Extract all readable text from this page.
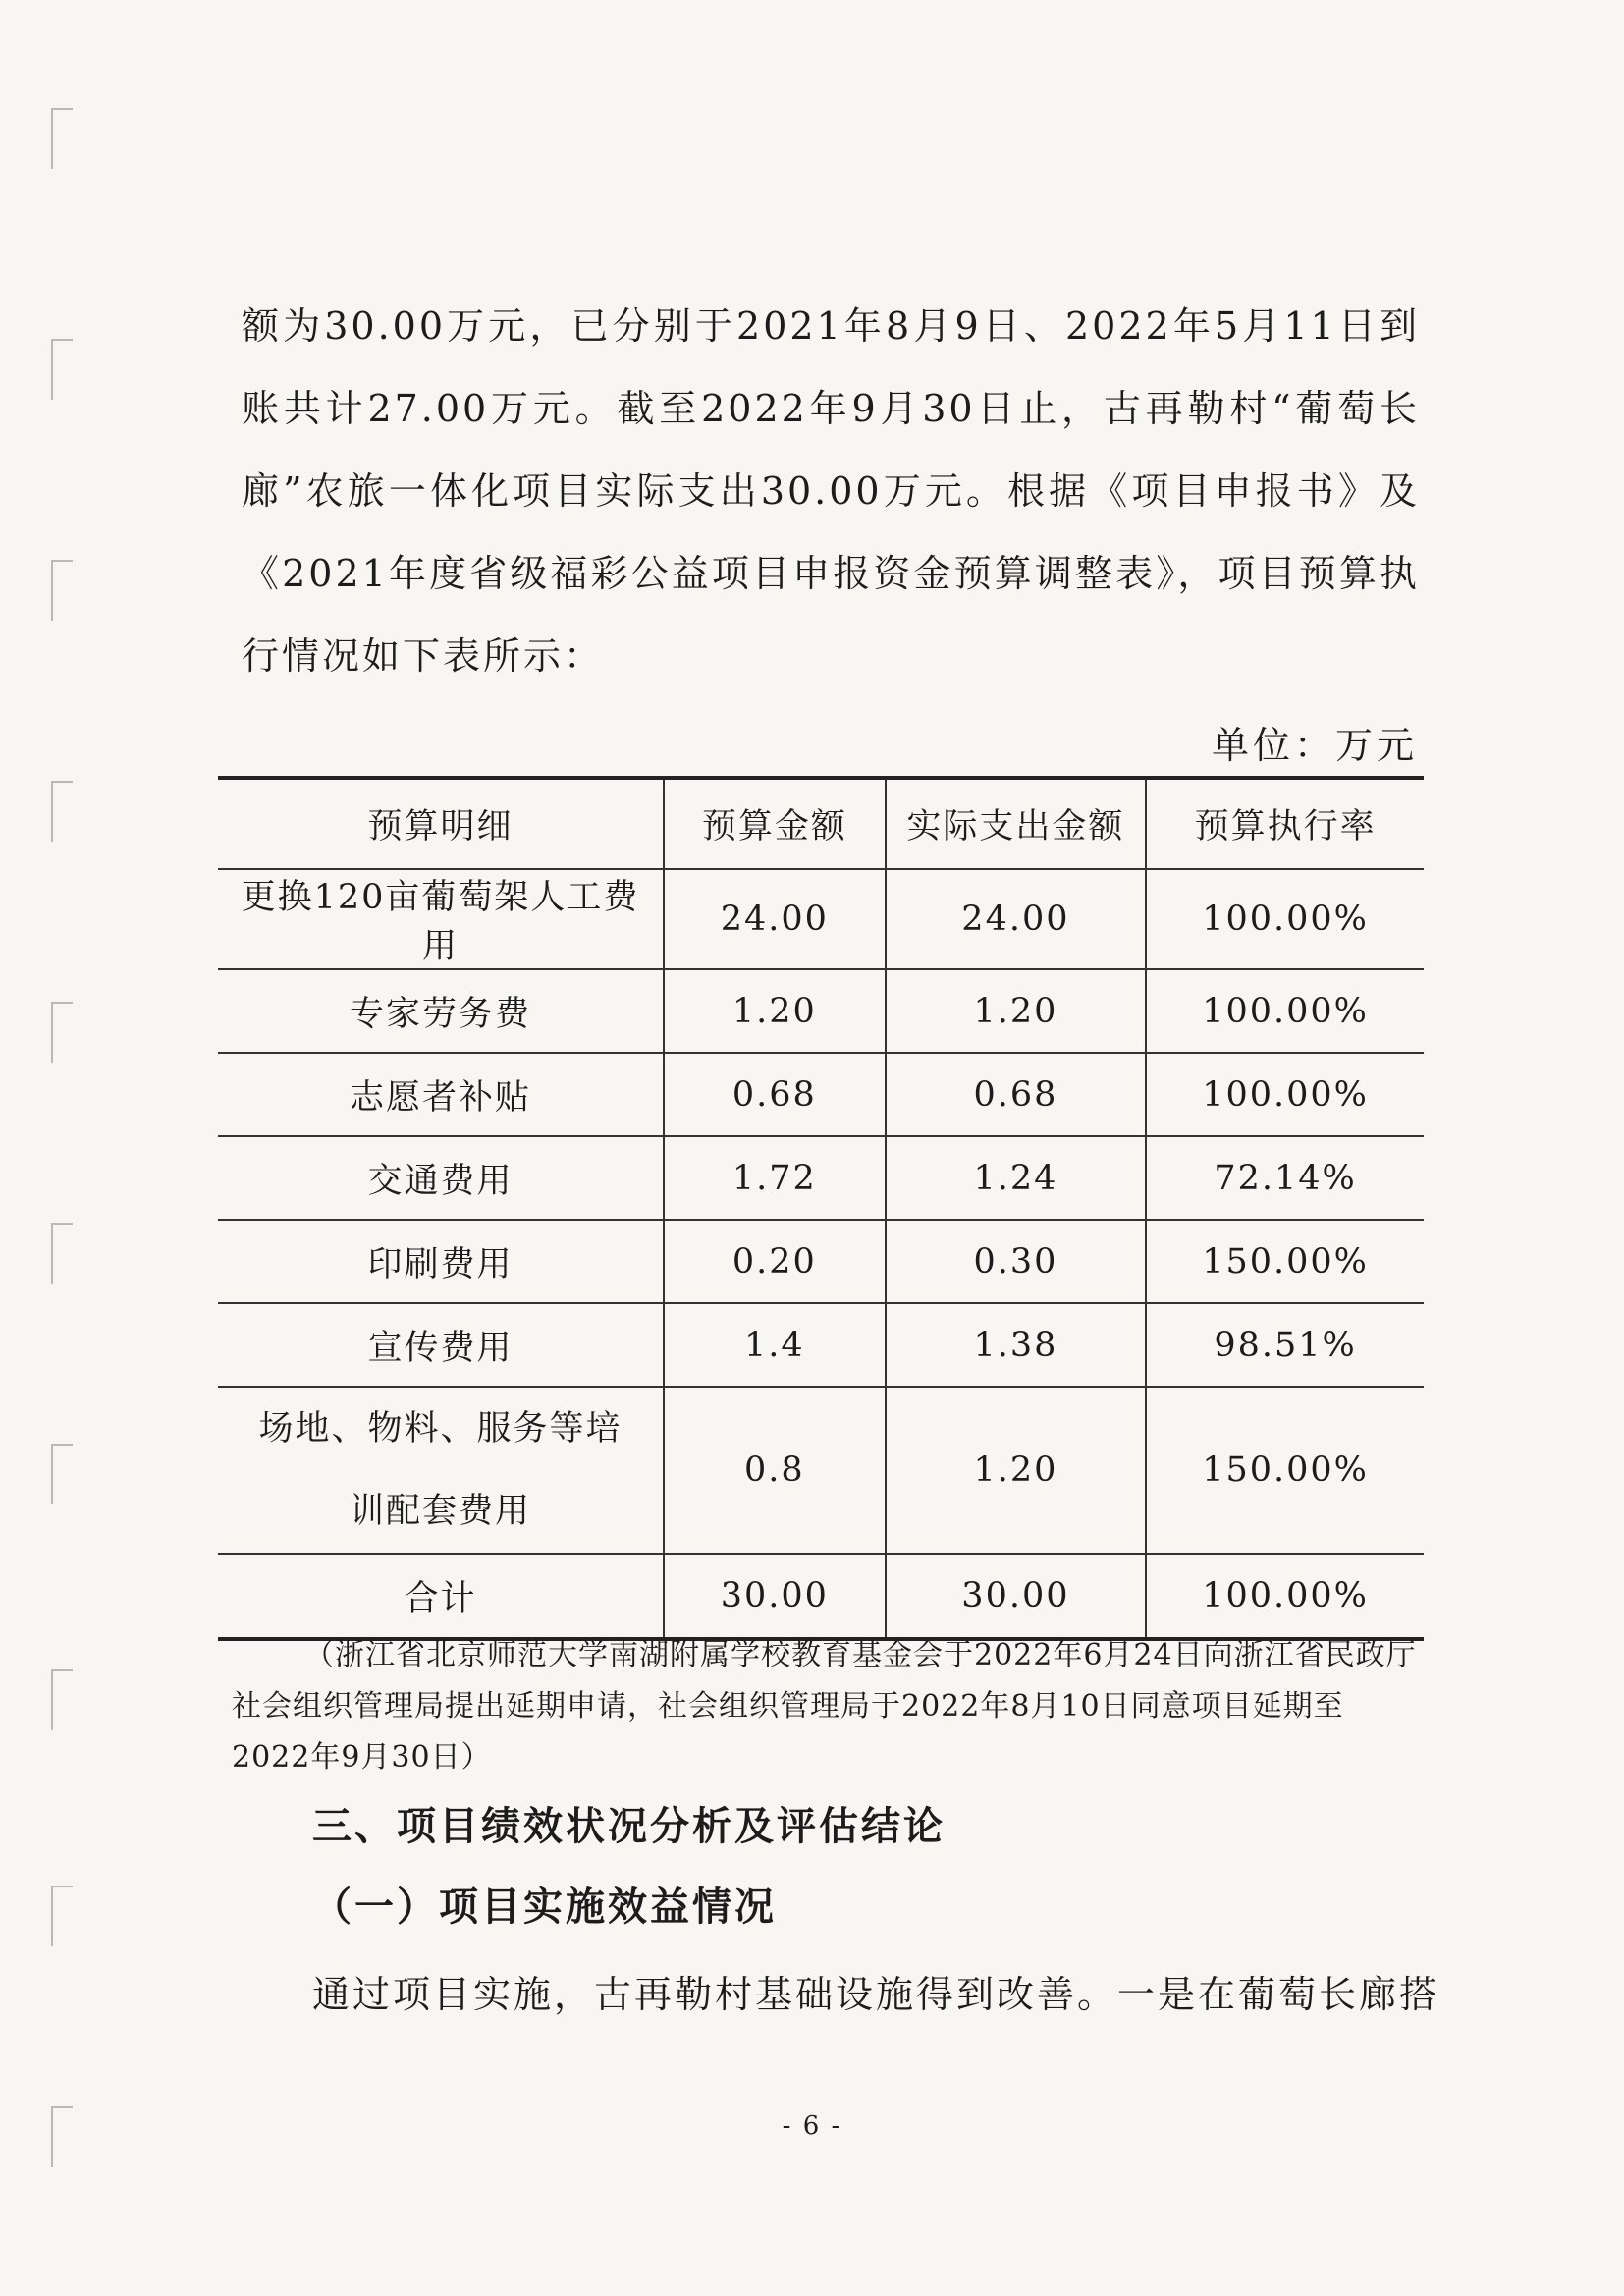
额为30.00万元，已分别于2021年8月9日、2022年5月11日到账共计27.00万元。截至2022年9月30日止，古再勒村“葡萄长廊”农旅一体化项目实际支出30.00万元。根据《项目申报书》及《2021年度省级福彩公益项目申报资金预算调整表》，项目预算执行情况如下表所示：

单位：万元
预算明细	预算金额	实际支出金额	预算执行率
更换120亩葡萄架人工费用	24.00	24.00	100.00%
专家劳务费	1.20	1.20	100.00%
志愿者补贴	0.68	0.68	100.00%
交通费用	1.72	1.24	72.14%
印刷费用	0.20	0.30	150.00%
宣传费用	1.4	1.38	98.51%
场地、物料、服务等培训配套费用	0.8	1.20	150.00%
合计	30.00	30.00	100.00%

（浙江省北京师范大学南湖附属学校教育基金会于2022年6月24日向浙江省民政厅社会组织管理局提出延期申请，社会组织管理局于2022年8月10日同意项目延期至2022年9月30日）

三、项目绩效状况分析及评估结论
（一）项目实施效益情况
通过项目实施，古再勒村基础设施得到改善。一是在葡萄长廊搭
- 6 -
